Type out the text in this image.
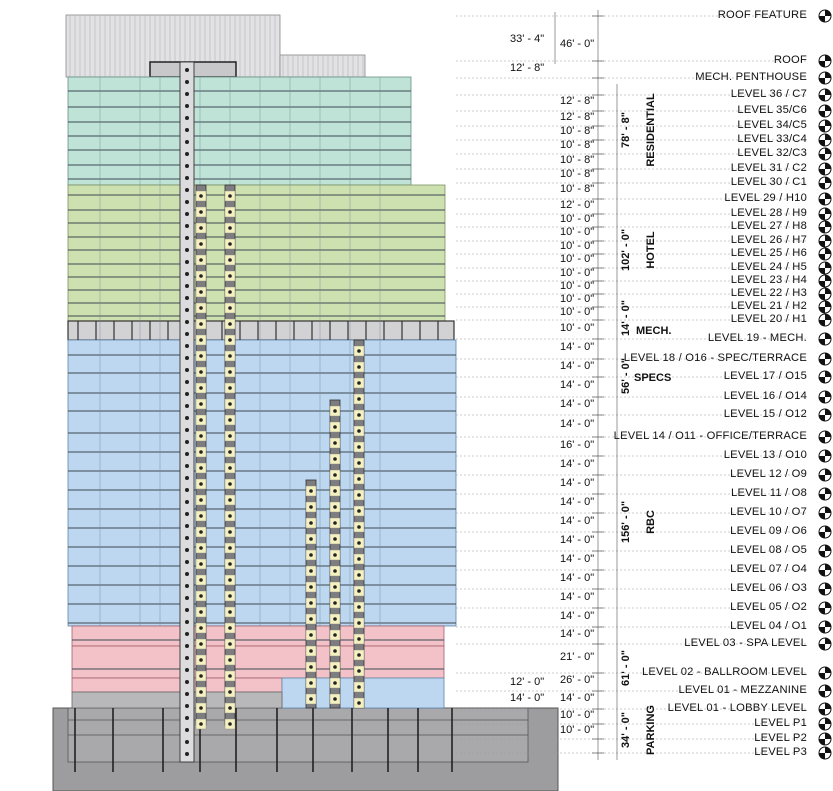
ROOF FEATURE
ROOF
MECH. PENTHOUSE
LEVEL 36 / C7
LEVEL 35/C6
LEVEL 34/C5
LEVEL 33/C4
LEVEL 32/C3
LEVEL 31 / C2
LEVEL 30 / C1
LEVEL 29 / H10
LEVEL 28 / H9
LEVEL 27 / H8
LEVEL 26 / H7
LEVEL 25 / H6
LEVEL 24 / H5
LEVEL 23 / H4
LEVEL 22 / H3
LEVEL 21 / H2
LEVEL 20 / H1
LEVEL 19 - MECH.
LEVEL 18 / O16 - SPEC/TERRACE
LEVEL 17 / O15
LEVEL 16 / O14
LEVEL 15 / O12
LEVEL 14 / O11 - OFFICE/TERRACE
LEVEL 13 / O10
LEVEL 12 / O9
LEVEL 11 / O8
LEVEL 10 / O7
LEVEL 09 / O6
LEVEL 08 / O5
LEVEL 07 / O4
LEVEL 06 / O3
LEVEL 05 / O2
LEVEL 04 / O1
LEVEL 03 - SPA LEVEL
LEVEL 02 - BALLROOM LEVEL
LEVEL 01 - MEZZANINE
LEVEL 01 - LOBBY LEVEL
LEVEL P1
LEVEL P2
LEVEL P3
12' - 8"
12' - 8"
10' - 8"
10' - 8"
10' - 8"
10' - 8"
10' - 8"
12' - 0"
10' - 0"
10' - 0"
10' - 0"
10' - 0"
10' - 0"
10' - 0"
10' - 0"
10' - 0"
10' - 0"
14' - 0"
14' - 0"
14' - 0"
14' - 0"
14' - 0"
16' - 0"
14' - 0"
14' - 0"
14' - 0"
14' - 0"
14' - 0"
14' - 0"
14' - 0"
14' - 0"
14' - 0"
14' - 0"
21' - 0"
26' - 0"
14' - 0"
10' - 0"
10' - 0"
46' - 0"
33' - 4"
12' - 8"
12' - 0"
14' - 0"
78' - 8" RESIDENTIAL
102' - 0" HOTEL
14' - 0" MECH.
56' - 0" SPECS
156' - 0" RBC
61' - 0"
34' - 0" PARKING
